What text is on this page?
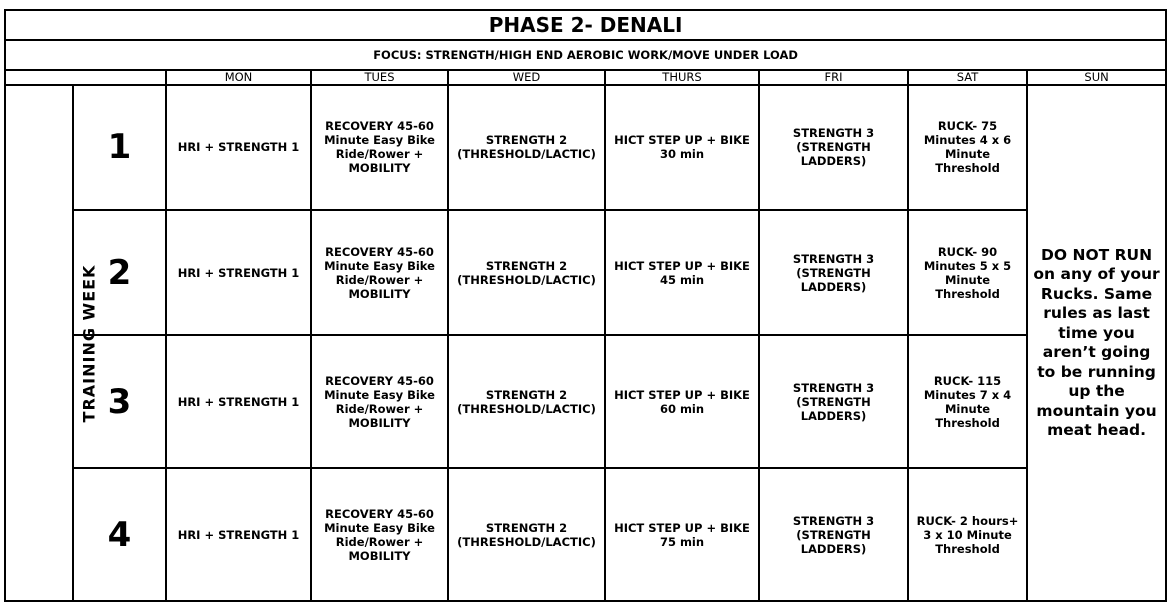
PHASE 2- DENALI								
FOCUS: STRENGTH/HIGH END AEROBIC WORK/MOVE UNDER LOAD								
		MON	TUES	WED	THURS	FRI	SAT	SUN
TRAINING WEEK	1	HRI + STRENGTH 1	RECOVERY 45-60 Minute Easy Bike Ride/Rower + MOBILITY	STRENGTH 2 (THRESHOLD/LACTIC)	HICT STEP UP + BIKE 30 min	STRENGTH 3 (STRENGTH LADDERS)	RUCK- 75 Minutes 4 x 6 Minute Threshold	DO NOT RUN on any of your Rucks. Same rules as last time you aren’t going to be running up the mountain you meat head.
	2	HRI + STRENGTH 1	RECOVERY 45-60 Minute Easy Bike Ride/Rower + MOBILITY	STRENGTH 2 (THRESHOLD/LACTIC)	HICT STEP UP + BIKE 45 min	STRENGTH 3 (STRENGTH LADDERS)	RUCK- 90 Minutes 5 x 5 Minute Threshold	
	3	HRI + STRENGTH 1	RECOVERY 45-60 Minute Easy Bike Ride/Rower + MOBILITY	STRENGTH 2 (THRESHOLD/LACTIC)	HICT STEP UP + BIKE 60 min	STRENGTH 3 (STRENGTH LADDERS)	RUCK- 115 Minutes 7 x 4 Minute Threshold	
	4	HRI + STRENGTH 1	RECOVERY 45-60 Minute Easy Bike Ride/Rower + MOBILITY	STRENGTH 2 (THRESHOLD/LACTIC)	HICT STEP UP + BIKE 75 min	STRENGTH 3 (STRENGTH LADDERS)	RUCK- 2 hours+ 3 x 10 Minute Threshold	
